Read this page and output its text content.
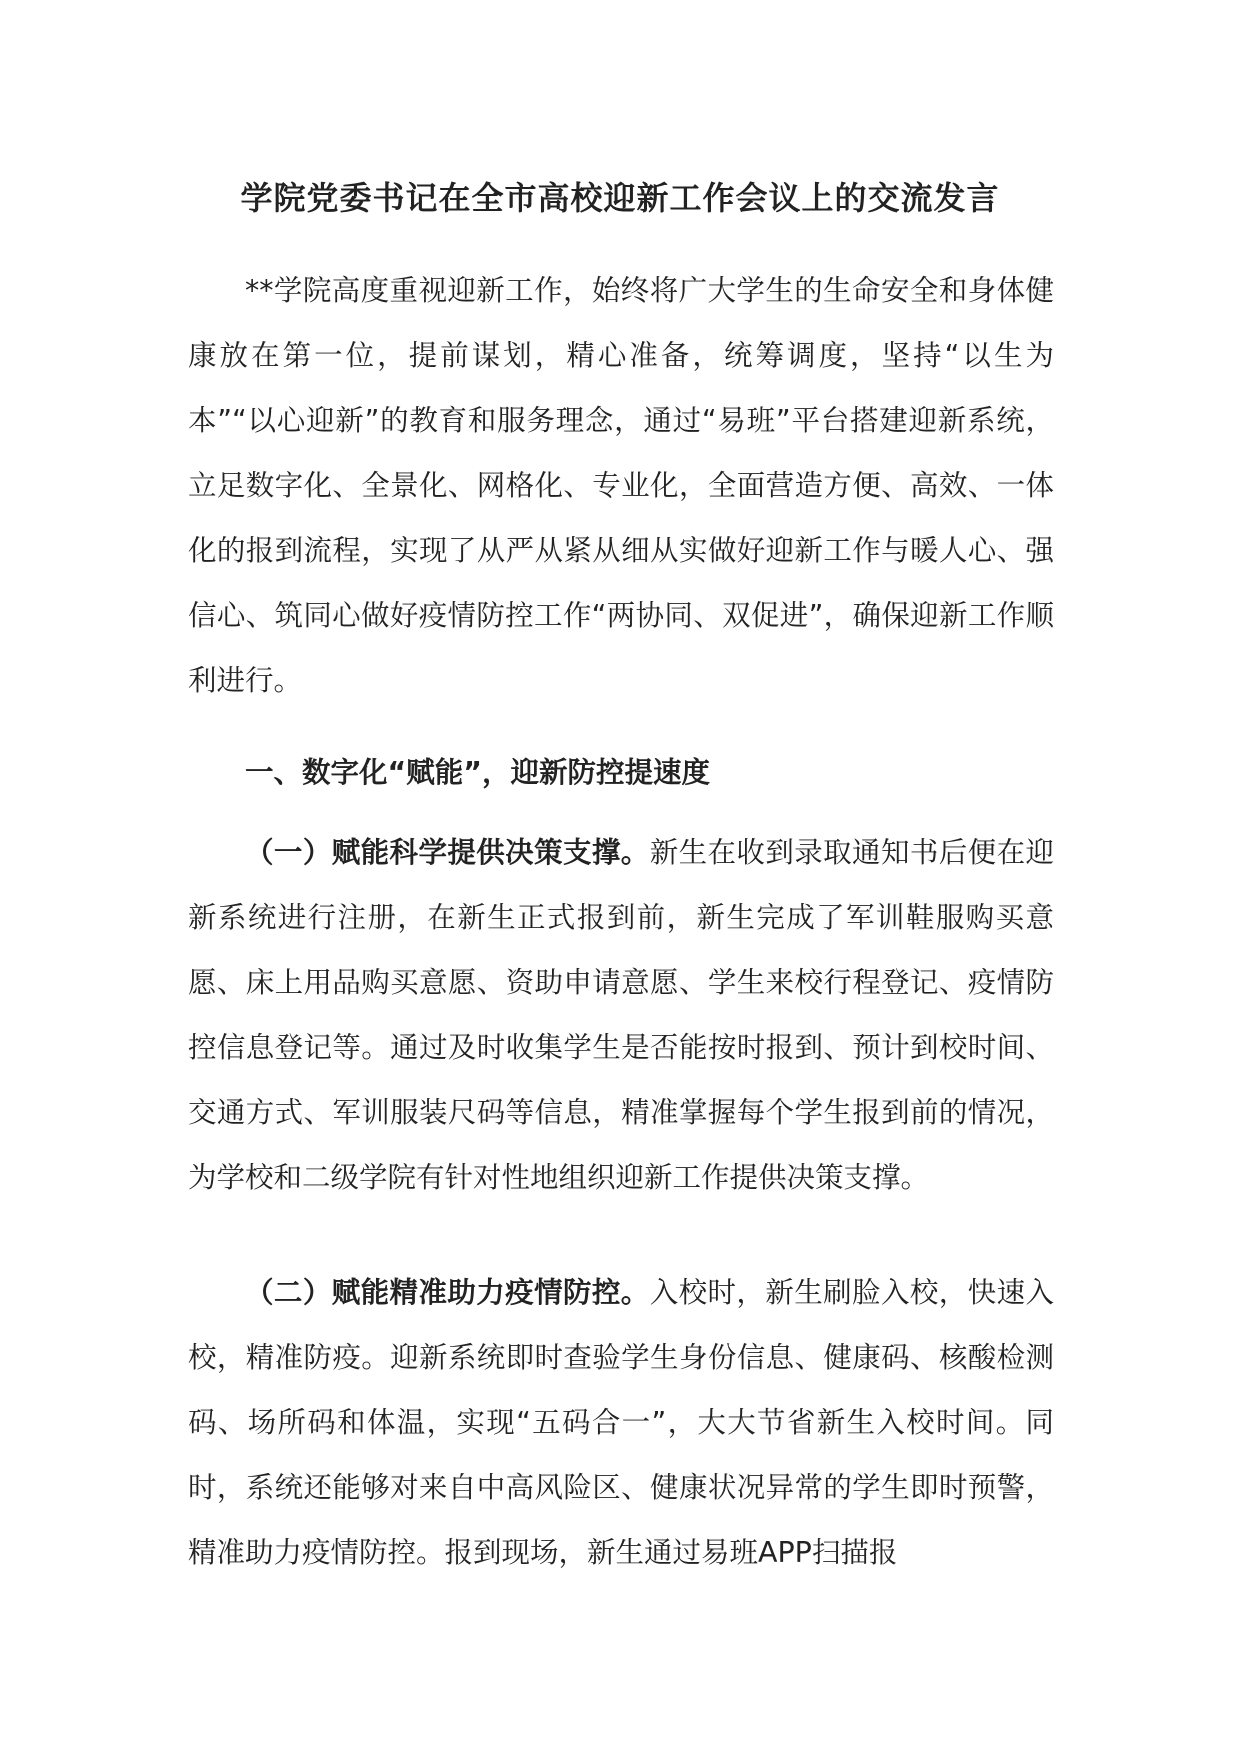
学院党委书记在全市高校迎新工作会议上的交流发言

**学院高度重视迎新工作，始终将广大学生的生命安全和身体健康放在第一位，提前谋划，精心准备，统筹调度，坚持“以生为本”“以心迎新”的教育和服务理念，通过“易班”平台搭建迎新系统，立足数字化、全景化、网格化、专业化，全面营造方便、高效、一体化的报到流程，实现了从严从紧从细从实做好迎新工作与暖人心、强信心、筑同心做好疫情防控工作“两协同、双促进”，确保迎新工作顺利进行。

一、数字化“赋能”，迎新防控提速度

（一）赋能科学提供决策支撑。新生在收到录取通知书后便在迎新系统进行注册，在新生正式报到前，新生完成了军训鞋服购买意愿、床上用品购买意愿、资助申请意愿、学生来校行程登记、疫情防控信息登记等。通过及时收集学生是否能按时报到、预计到校时间、交通方式、军训服装尺码等信息，精准掌握每个学生报到前的情况，为学校和二级学院有针对性地组织迎新工作提供决策支撑。

（二）赋能精准助力疫情防控。入校时，新生刷脸入校，快速入校，精准防疫。迎新系统即时查验学生身份信息、健康码、核酸检测码、场所码和体温，实现“五码合一”，大大节省新生入校时间。同时，系统还能够对来自中高风险区、健康状况异常的学生即时预警，精准助力疫情防控。报到现场，新生通过易班APP扫描报
